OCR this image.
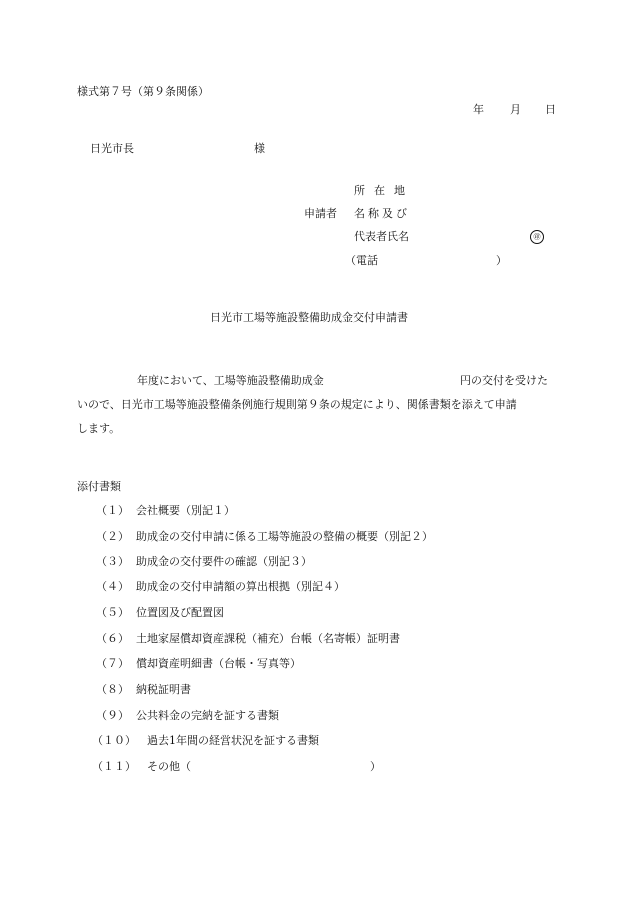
様式第７号（第９条関係）
年 月 日
日光市長	様
所在地
申請者 名称及び
代表者氏名	㊞
（電話	）
日光市工場等施設整備助成金交付申請書
年度において、工場等施設整備助成金	円の交付を受けた
いので、日光市工場等施設整備条例施行規則第９条の規定により、関係書類を添えて申請
します。
添付書類
（１） 会社概要（別記１）
（２） 助成金の交付申請に係る工場等施設の整備の概要（別記２）
（３） 助成金の交付要件の確認（別記３）
（４） 助成金の交付申請額の算出根拠（別記４）
（５） 位置図及び配置図
（６） 土地家屋償却資産課税（補充）台帳（名寄帳）証明書
（７） 償却資産明細書（台帳・写真等）
（８） 納税証明書
（９） 公共料金の完納を証する書類
（１０） 過去1年間の経営状況を証する書類
（１１） その他（	）
